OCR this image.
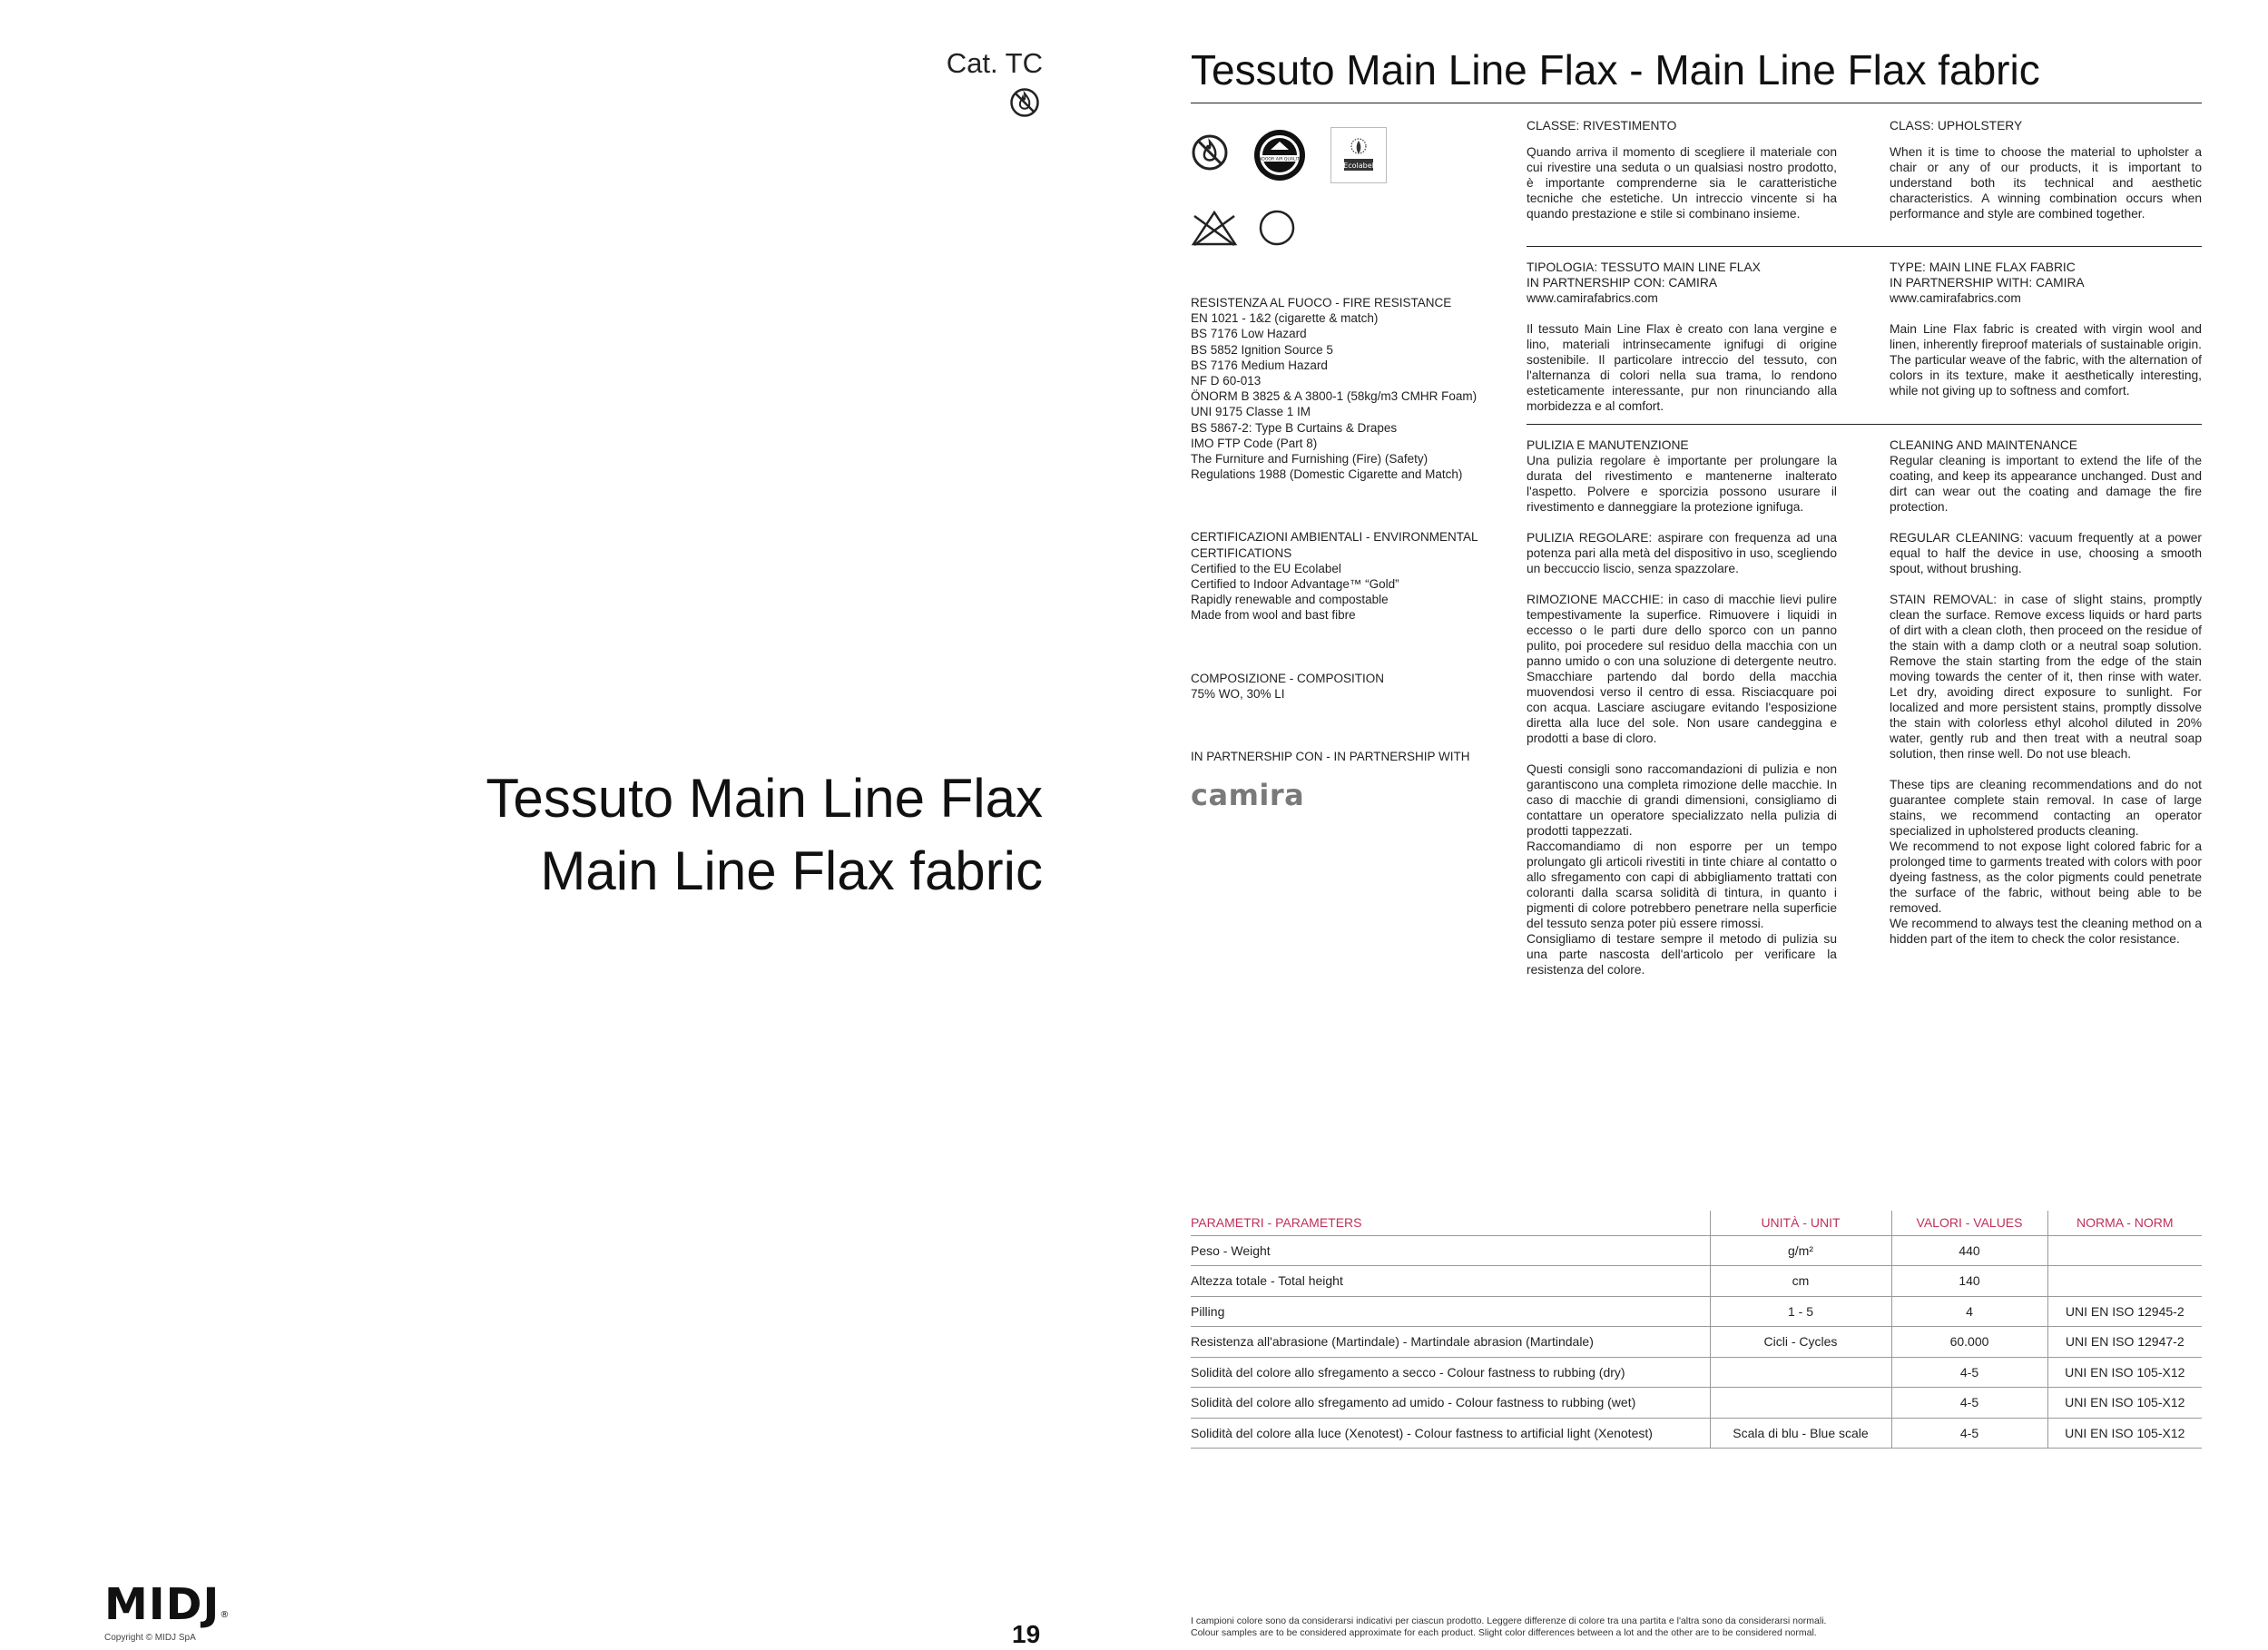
Cat. TC
Tessuto Main Line Flax
Main Line Flax fabric
MIDJ®
Copyright © MIDJ SpA	19
Tessuto Main Line Flax - Main Line Flax fabric
INDOOR AIR QUALITY
Ecolabel
RESISTENZA AL FUOCO - FIRE RESISTANCE
EN 1021 - 1&2 (cigarette & match)
BS 7176 Low Hazard
BS 5852 Ignition Source 5
BS 7176 Medium Hazard
NF D 60-013
ÖNORM B 3825 & A 3800-1 (58kg/m3 CMHR Foam)
UNI 9175 Classe 1 IM
BS 5867-2: Type B Curtains & Drapes
IMO FTP Code (Part 8)
The Furniture and Furnishing (Fire) (Safety)
Regulations 1988 (Domestic Cigarette and Match)
CERTIFICAZIONI AMBIENTALI - ENVIRONMENTAL CERTIFICATIONS
Certified to the EU Ecolabel
Certified to Indoor Advantage™ “Gold”
Rapidly renewable and compostable
Made from wool and bast fibre
COMPOSIZIONE - COMPOSITION
75% WO, 30% LI
IN PARTNERSHIP CON - IN PARTNERSHIP WITH
camira
CLASSE: RIVESTIMENTO
Quando arriva il momento di scegliere il materiale con cui rivestire una seduta o un qualsiasi nostro prodotto, è importante comprenderne sia le caratteristiche tecniche che estetiche. Un intreccio vincente si ha quando prestazione e stile si combinano insieme.
CLASS: UPHOLSTERY
When it is time to choose the material to upholster a chair or any of our products, it is important to understand both its technical and aesthetic characteristics. A winning combination occurs when performance and style are combined together.
TIPOLOGIA: TESSUTO MAIN LINE FLAX
IN PARTNERSHIP CON: CAMIRA
www.camirafabrics.com
Il tessuto Main Line Flax è creato con lana vergine e lino, materiali intrinsecamente ignifugi di origine sostenibile. Il particolare intreccio del tessuto, con l'alternanza di colori nella sua trama, lo rendono esteticamente interessante, pur non rinunciando alla morbidezza e al comfort.
TYPE: MAIN LINE FLAX FABRIC
IN PARTNERSHIP WITH: CAMIRA
www.camirafabrics.com
Main Line Flax fabric is created with virgin wool and linen, inherently fireproof materials of sustainable origin. The particular weave of the fabric, with the alternation of colors in its texture, make it aesthetically interesting, while not giving up to softness and comfort.
PULIZIA E MANUTENZIONE
Una pulizia regolare è importante per prolungare la durata del rivestimento e mantenerne inalterato l'aspetto. Polvere e sporcizia possono usurare il rivestimento e danneggiare la protezione ignifuga.
PULIZIA REGOLARE: aspirare con frequenza ad una potenza pari alla metà del dispositivo in uso, scegliendo un beccuccio liscio, senza spazzolare.
RIMOZIONE MACCHIE: in caso di macchie lievi pulire tempestivamente la superfice. Rimuovere i liquidi in eccesso o le parti dure dello sporco con un panno pulito, poi procedere sul residuo della macchia con un panno umido o con una soluzione di detergente neutro. Smacchiare partendo dal bordo della macchia muovendosi verso il centro di essa. Risciacquare poi con acqua. Lasciare asciugare evitando l'esposizione diretta alla luce del sole. Non usare candeggina e prodotti a base di cloro.
Questi consigli sono raccomandazioni di pulizia e non garantiscono una completa rimozione delle macchie. In caso di macchie di grandi dimensioni, consigliamo di contattare un operatore specializzato nella pulizia di prodotti tappezzati.
Raccomandiamo di non esporre per un tempo prolungato gli articoli rivestiti in tinte chiare al contatto o allo sfregamento con capi di abbigliamento trattati con coloranti dalla scarsa solidità di tintura, in quanto i pigmenti di colore potrebbero penetrare nella superficie del tessuto senza poter più essere rimossi.
Consigliamo di testare sempre il metodo di pulizia su una parte nascosta dell'articolo per verificare la resistenza del colore.
CLEANING AND MAINTENANCE
Regular cleaning is important to extend the life of the coating, and keep its appearance unchanged. Dust and dirt can wear out the coating and damage the fire protection.
REGULAR CLEANING: vacuum frequently at a power equal to half the device in use, choosing a smooth spout, without brushing.
STAIN REMOVAL: in case of slight stains, promptly clean the surface. Remove excess liquids or hard parts of dirt with a clean cloth, then proceed on the residue of the stain with a damp cloth or a neutral soap solution. Remove the stain starting from the edge of the stain moving towards the center of it, then rinse with water. Let dry, avoiding direct exposure to sunlight. For localized and more persistent stains, promptly dissolve the stain with colorless ethyl alcohol diluted in 20% water, gently rub and then treat with a neutral soap solution, then rinse well. Do not use bleach.
These tips are cleaning recommendations and do not guarantee complete stain removal. In case of large stains, we recommend contacting an operator specialized in upholstered products cleaning.
We recommend to not expose light colored fabric for a prolonged time to garments treated with colors with poor dyeing fastness, as the color pigments could penetrate the surface of the fabric, without being able to be removed.
We recommend to always test the cleaning method on a hidden part of the item to check the color resistance.
PARAMETRI - PARAMETERS	UNITÀ - UNIT	VALORI - VALUES	NORMA - NORM
Peso - Weight	g/m²	440	
Altezza totale - Total height	cm	140	
Pilling	1 - 5	4	UNI EN ISO 12945-2
Resistenza all'abrasione (Martindale) - Martindale abrasion (Martindale)	Cicli - Cycles	60.000	UNI EN ISO 12947-2
Solidità del colore allo sfregamento a secco - Colour fastness to rubbing (dry)		4-5	UNI EN ISO 105-X12
Solidità del colore allo sfregamento ad umido - Colour fastness to rubbing (wet)		4-5	UNI EN ISO 105-X12
Solidità del colore alla luce (Xenotest) - Colour fastness to artificial light (Xenotest)	Scala di blu - Blue scale	4-5	UNI EN ISO 105-X12
I campioni colore sono da considerarsi indicativi per ciascun prodotto. Leggere differenze di colore tra una partita e l'altra sono da considerarsi normali.
Colour samples are to be considered approximate for each product. Slight color differences between a lot and the other are to be considered normal.
